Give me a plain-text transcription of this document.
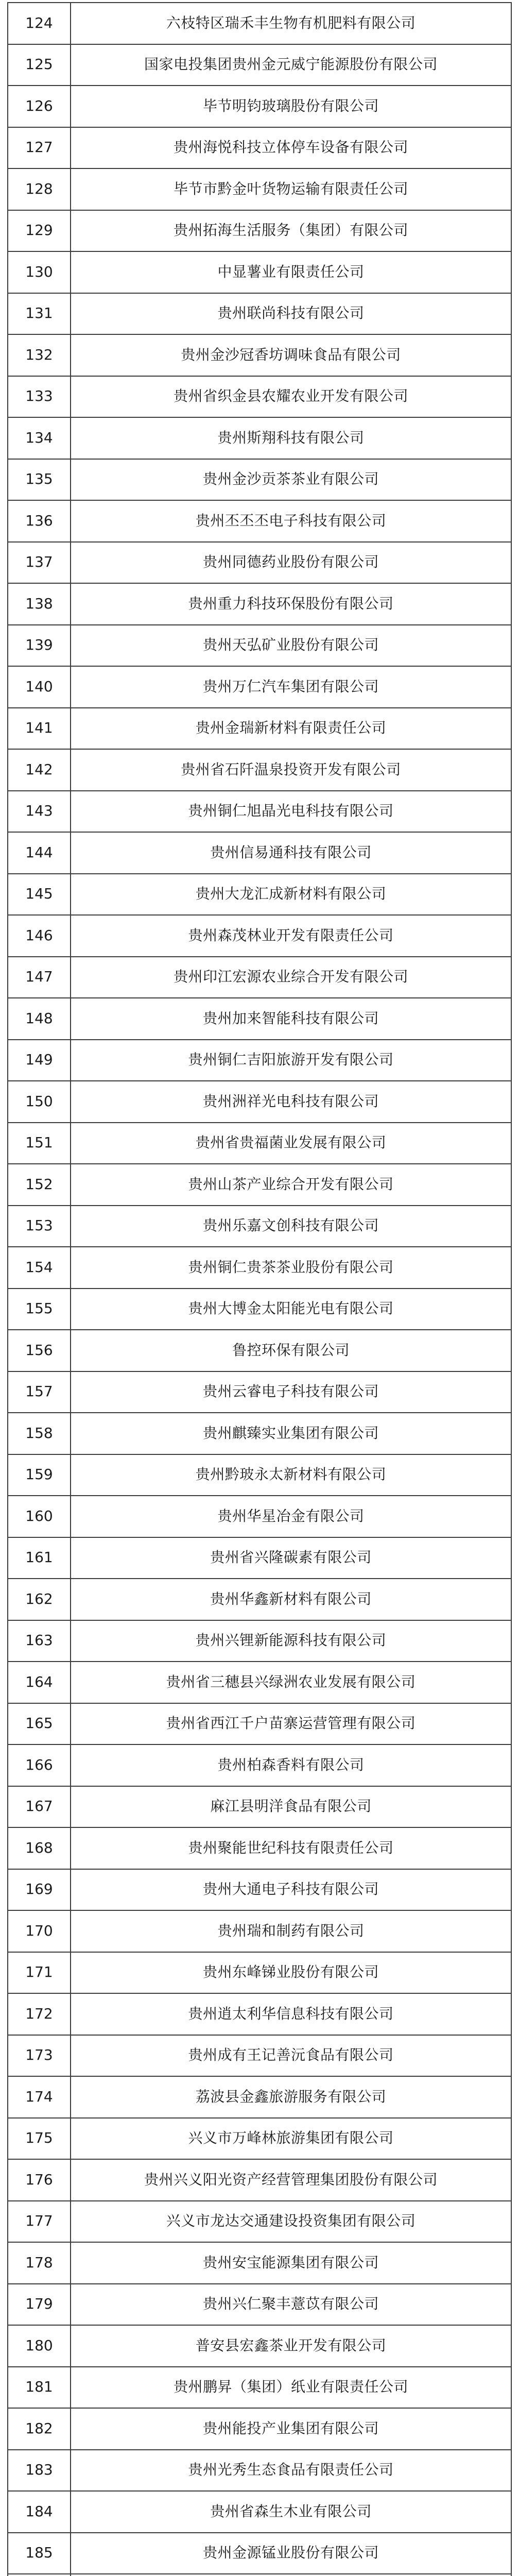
124	六枝特区瑞禾丰生物有机肥料有限公司
125	国家电投集团贵州金元威宁能源股份有限公司
126	毕节明钧玻璃股份有限公司
127	贵州海悦科技立体停车设备有限公司
128	毕节市黔金叶货物运输有限责任公司
129	贵州拓海生活服务（集团）有限公司
130	中显薯业有限责任公司
131	贵州联尚科技有限公司
132	贵州金沙冠香坊调味食品有限公司
133	贵州省织金县农耀农业开发有限公司
134	贵州斯翔科技有限公司
135	贵州金沙贡茶茶业有限公司
136	贵州丕丕丕电子科技有限公司
137	贵州同德药业股份有限公司
138	贵州重力科技环保股份有限公司
139	贵州天弘矿业股份有限公司
140	贵州万仁汽车集团有限公司
141	贵州金瑞新材料有限责任公司
142	贵州省石阡温泉投资开发有限公司
143	贵州铜仁旭晶光电科技有限公司
144	贵州信易通科技有限公司
145	贵州大龙汇成新材料有限公司
146	贵州森茂林业开发有限责任公司
147	贵州印江宏源农业综合开发有限公司
148	贵州加来智能科技有限公司
149	贵州铜仁吉阳旅游开发有限公司
150	贵州洲祥光电科技有限公司
151	贵州省贵福菌业发展有限公司
152	贵州山茶产业综合开发有限公司
153	贵州乐嘉文创科技有限公司
154	贵州铜仁贵茶茶业股份有限公司
155	贵州大博金太阳能光电有限公司
156	鲁控环保有限公司
157	贵州云睿电子科技有限公司
158	贵州麒臻实业集团有限公司
159	贵州黔玻永太新材料有限公司
160	贵州华星冶金有限公司
161	贵州省兴隆碳素有限公司
162	贵州华鑫新材料有限公司
163	贵州兴锂新能源科技有限公司
164	贵州省三穗县兴绿洲农业发展有限公司
165	贵州省西江千户苗寨运营管理有限公司
166	贵州柏森香料有限公司
167	麻江县明洋食品有限公司
168	贵州聚能世纪科技有限责任公司
169	贵州大通电子科技有限公司
170	贵州瑞和制药有限公司
171	贵州东峰锑业股份有限公司
172	贵州逍太利华信息科技有限公司
173	贵州成有王记善沅食品有限公司
174	荔波县金鑫旅游服务有限公司
175	兴义市万峰林旅游集团有限公司
176	贵州兴义阳光资产经营管理集团股份有限公司
177	兴义市龙达交通建设投资集团有限公司
178	贵州安宝能源集团有限公司
179	贵州兴仁聚丰薏苡有限公司
180	普安县宏鑫茶业开发有限公司
181	贵州鹏昇（集团）纸业有限责任公司
182	贵州能投产业集团有限公司
183	贵州光秀生态食品有限责任公司
184	贵州省森生木业有限公司
185	贵州金源锰业股份有限公司
